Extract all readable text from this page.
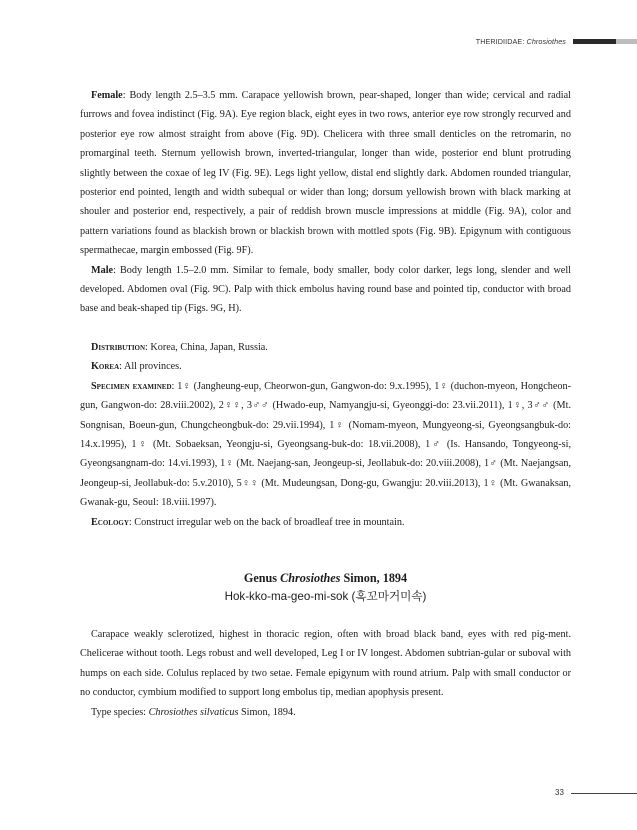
THERIDIIDAE: Chrosiothes

Female: Body length 2.5–3.5 mm. Carapace yellowish brown, pear-shaped, longer than wide; cervical and radial furrows and fovea indistinct (Fig. 9A). Eye region black, eight eyes in two rows, anterior eye row strongly recurved and posterior eye row almost straight from above (Fig. 9D). Chelicera with three small denticles on the retromarin, no promarginal teeth. Sternum yellowish brown, inverted-triangular, longer than wide, posterior end blunt protruding slightly between the coxae of leg IV (Fig. 9E). Legs light yellow, distal end slightly dark. Abdomen rounded triangular, posterior end pointed, length and width subequal or wider than long; dorsum yellowish brown with black marking at shouler and posterior end, respectively, a pair of reddish brown muscle impressions at middle (Fig. 9A), color and pattern variations found as blackish brown or blackish brown with mottled spots (Fig. 9B). Epigynum with contiguous spermathecae, margin embossed (Fig. 9F).

Male: Body length 1.5–2.0 mm. Similar to female, body smaller, body color darker, legs long, slender and well developed. Abdomen oval (Fig. 9C). Palp with thick embolus having round base and pointed tip, conductor with broad base and beak-shaped tip (Figs. 9G, H).

Distribution: Korea, China, Japan, Russia.

Korea: All provinces.

Specimen examined: 1♀ (Jangheung-eup, Cheorwon-gun, Gangwon-do: 9.x.1995), 1♀ (duchon-myeon, Hongcheon-gun, Gangwon-do: 28.viii.2002), 2♀♀, 3♂♂ (Hwado-eup, Namyangju-si, Gyeonggi-do: 23.vii.2011), 1♀, 3♂♂ (Mt. Songnisan, Boeun-gun, Chungcheongbuk-do: 29.vii.1994), 1♀ (Nomam-myeon, Mungyeong-si, Gyeongsangbuk-do: 14.x.1995), 1♀ (Mt. Sobaeksan, Yeongju-si, Gyeongsang-buk-do: 18.vii.2008), 1♂ (Is. Hansando, Tongyeong-si, Gyeongsangnam-do: 14.vi.1993), 1♀ (Mt. Naejang-san, Jeongeup-si, Jeollabuk-do: 20.viii.2008), 1♂ (Mt. Naejangsan, Jeongeup-si, Jeollabuk-do: 5.v.2010), 5♀♀ (Mt. Mudeungsan, Dong-gu, Gwangju: 20.viii.2013), 1♀ (Mt. Gwanaksan, Gwanak-gu, Seoul: 18.viii.1997).

Ecology: Construct irregular web on the back of broadleaf tree in mountain.

Genus Chrosiothes Simon, 1894

Hok-kko-ma-geo-mi-sok (혹꼬마거미속)

Carapace weakly sclerotized, highest in thoracic region, often with broad black band, eyes with red pig-ment. Chelicerae without tooth. Legs robust and well developed, Leg I or IV longest. Abdomen subtrian-gular or suboval with humps on each side. Colulus replaced by two setae. Female epigynum with round atrium. Palp with small conductor or no conductor, cymbium modified to support long embolus tip, median apophysis present.

Type species: Chrosiothes silvaticus Simon, 1894.

33
